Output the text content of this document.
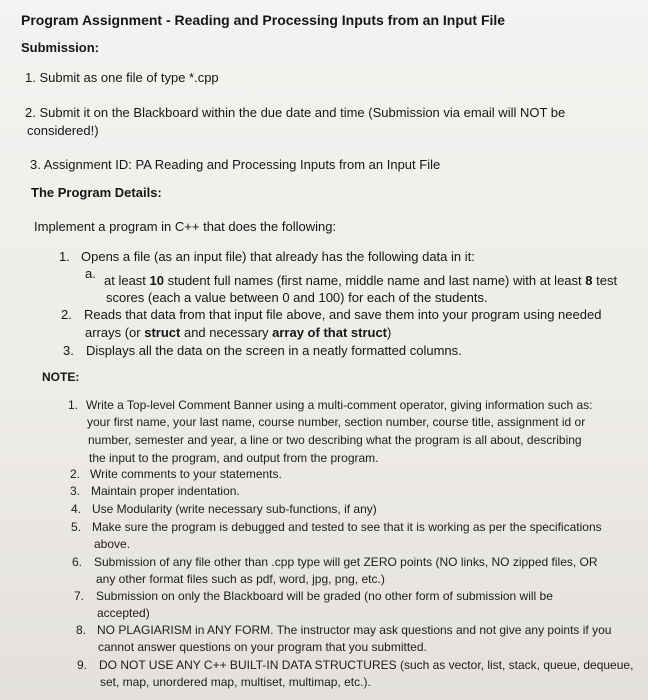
Program Assignment - Reading and Processing Inputs from an Input File
Submission:
1. Submit as one file of type *.cpp
2. Submit it on the Blackboard within the due date and time (Submission via email will NOT be
considered!)
3. Assignment ID: PA Reading and Processing Inputs from an Input File
The Program Details:
Implement a program in C++ that does the following:
1. Opens a file (as an input file) that already has the following data in it:
a. at least 10 student full names (first name, middle name and last name) with at least 8 test
scores (each a value between 0 and 100) for each of the students.
2. Reads that data from that input file above, and save them into your program using needed
arrays (or struct and necessary array of that struct)
3. Displays all the data on the screen in a neatly formatted columns.
NOTE:
1. Write a Top-level Comment Banner using a multi-comment operator, giving information such as:
your first name, your last name, course number, section number, course title, assignment id or
number, semester and year, a line or two describing what the program is all about, describing
the input to the program, and output from the program.
2. Write comments to your statements.
3. Maintain proper indentation.
4. Use Modularity (write necessary sub-functions, if any)
5. Make sure the program is debugged and tested to see that it is working as per the specifications
above.
6. Submission of any file other than .cpp type will get ZERO points (NO links, NO zipped files, OR
any other format files such as pdf, word, jpg, png, etc.)
7. Submission on only the Blackboard will be graded (no other form of submission will be
accepted)
8. NO PLAGIARISM in ANY FORM. The instructor may ask questions and not give any points if you
cannot answer questions on your program that you submitted.
9. DO NOT USE ANY C++ BUILT-IN DATA STRUCTURES (such as vector, list, stack, queue, dequeue,
set, map, unordered map, multiset, multimap, etc.).
